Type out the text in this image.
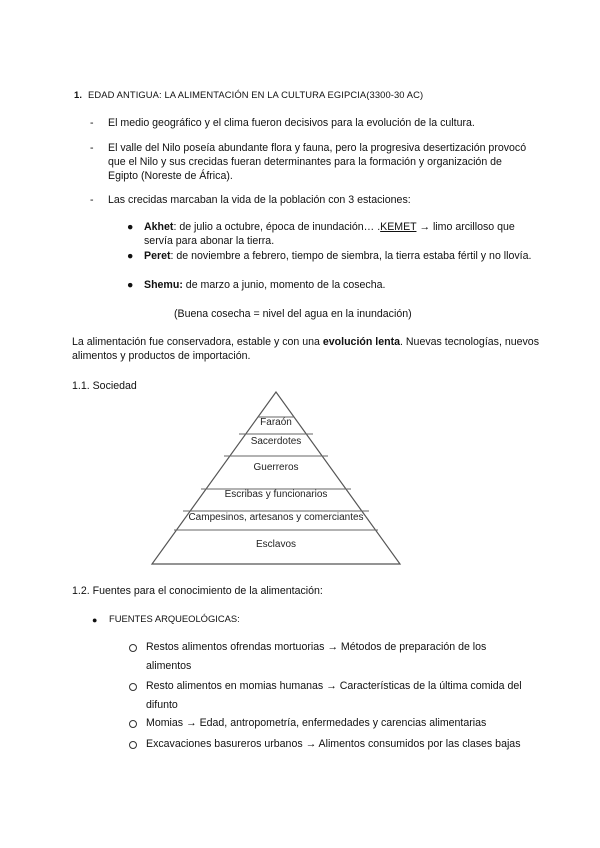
1. EDAD ANTIGUA: LA ALIMENTACIÓN EN LA CULTURA EGIPCIA(3300-30 AC)
- El medio geográfico y el clima fueron decisivos para la evolución de la cultura.
- El valle del Nilo poseía abundante flora y fauna, pero la progresiva desertización provocó que el Nilo y sus crecidas fueran determinantes para la formación y organización de Egipto (Noreste de África).
- Las crecidas marcaban la vida de la población con 3 estaciones:
● Akhet: de julio a octubre, época de inundación… .KEMET → limo arcilloso que servía para abonar la tierra.
● Peret: de noviembre a febrero, tiempo de siembra, la tierra estaba fértil y no llovía.
● Shemu: de marzo a junio, momento de la cosecha.
(Buena cosecha = nivel del agua en la inundación)
La alimentación fue conservadora, estable y con una evolución lenta. Nuevas tecnologías, nuevos alimentos y productos de importación.
1.1. Sociedad
Faraón
Sacerdotes
Guerreros
Escribas y funcionarios
Campesinos, artesanos y comerciantes
Esclavos
1.2. Fuentes para el conocimiento de la alimentación:
● FUENTES ARQUEOLÓGICAS:
Restos alimentos ofrendas mortuorias → Métodos de preparación de los alimentos
Resto alimentos en momias humanas → Características de la última comida del difunto
Momias → Edad, antropometría, enfermedades y carencias alimentarias
Excavaciones basureros urbanos → Alimentos consumidos por las clases bajas
